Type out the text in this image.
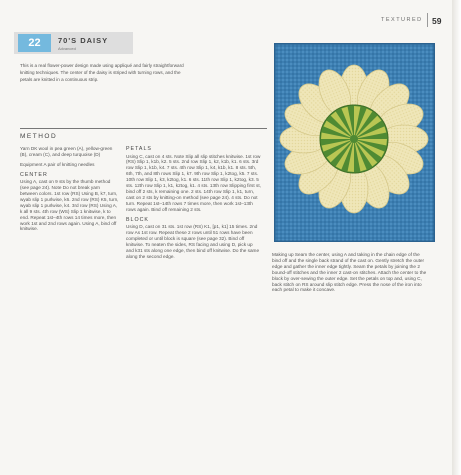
TEXTURED 59
22	70'S DAISY
Advanced
This is a real flower-power design made using appliqué and fairly straightforward knitting techniques. The center of the daisy is striped with turning rows, and the petals are knitted in a continuous strip.
METHOD

Yarn DK wool in pea green (A), yellow-green (B), cream (C), and deep turquoise (D)

Equipment A pair of knitting needles

CENTER

Using A, cast on 9 sts by the thumb method (see page 24). Note Do not break yarn between colors. 1st row (RS) Using B, k7, turn, wyab slip 1 purlwise, k6. 2nd row (RS) K5, turn, wyab slip 1 purlwise, k4. 3rd row (RS) Using A, k all 9 sts. 4th row (WS) Slip 1 knitwise, k to end. Repeat 1st–4th rows 14 times more, then work 1st and 2nd rows again. Using A, bind off knitwise.

PETALS

Using C, cast on 4 sts. Note Slip all slip stitches knitwise. 1st row (RS) Slip 1, k1b, k2. 5 sts. 2nd row Slip 1, k2, k1b, k1. 6 sts. 3rd row Slip 1, k1b, k4. 7 sts. 4th row Slip 1, k4, k1b, k1. 8 sts. 5th, 6th, 7th, and 8th rows Slip 1, k7. 9th row Slip 1, k2tog, k5. 7 sts. 10th row Slip 1, k3, k2tog, k1. 6 sts. 11th row Slip 1, k2tog, k3. 5 sts. 12th row Slip 1, k1, k2tog, k1. 4 sts. 13th row Slipping first st, bind off 2 sts, k remaining one. 2 sts. 14th row Slip 1, k1, turn, cast on 2 sts by knitting-on method (see page 24). 4 sts. Do not turn. Repeat 1st–14th rows 7 times more, then work 1st–13th rows again. Bind off remaining 2 sts.

BLOCK

Using D, cast on 31 sts. 1st row (RS) K1, [p1, k1] 15 times. 2nd row As 1st row. Repeat these 2 rows until 51 rows have been completed or until block is square (see page 32). Bind off knitwise. To neaten the sides, RS facing and using D, pick up and k31 sts along one edge, then bind off knitwise. Do the same along the second edge.	Making up Seam the center, using A and taking in the chain edge of the bind off and the single back strand of the cast on. Gently stretch the outer edge and gather the inner edge tightly. Seam the petals by joining the 2 bound-off stitches and the inner 2 cast-on stitches. Attach the center to the block by over-sewing the outer edge. Set the petals on top and, using C, back stitch on RS around slip stitch edge. Press the nose of the iron into each petal to make it concave.
